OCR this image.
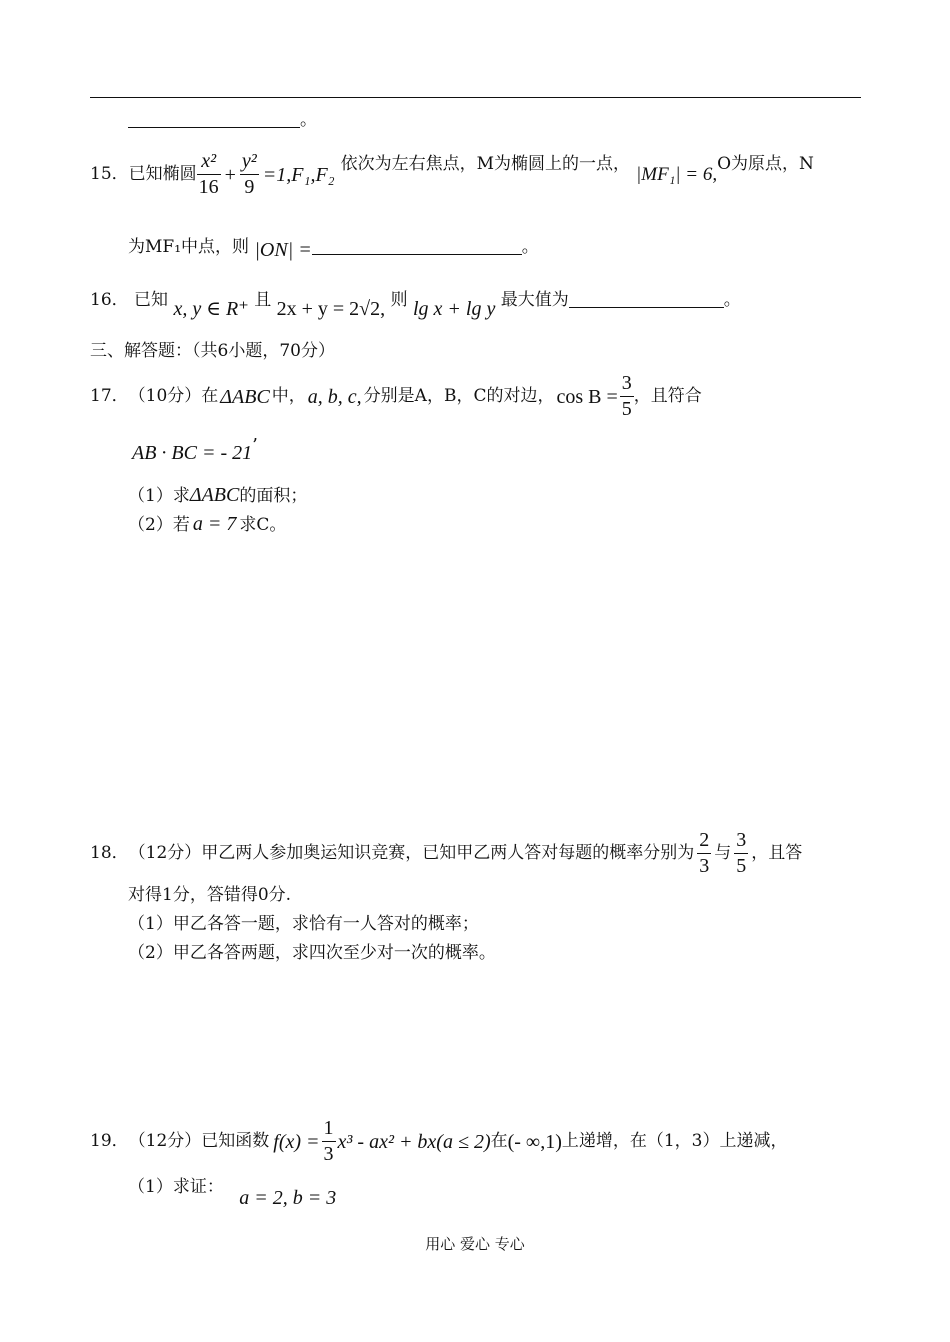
。
15． 已知椭圆 $\frac{\text{x²}}{16} + \frac{\text{y²}}{9} =1,F_1,F_2$ 依次为左右焦点，M为椭圆上的一点， |MF₁| = 6, O为原点，N
为MF₁中点，则 |ON| =	。
16． 已知 x, y ∈ R⁺ 且 2x + y = 2√2, 则 lg x + lg y 最大值为	。
三、解答题：（共6小题，70分）
17． （10分）在 ΔABC 中， a, b, c, 分别是A，B，C的对边， $\cos B = \frac{3}{5}$ ，且符合
AB · BC = - 21’
（1）求ΔABC的面积；
（2）若 a = 7 求C。
18． （12分）甲乙两人参加奥运知识竞赛，已知甲乙两人答对每题的概率分别为 $\frac{2}{3}$ 与 $\frac{3}{5}$ ，且答
对得1分，答错得0分.
（1）甲乙各答一题，求恰有一人答对的概率；
（2）甲乙各答两题，求四次至少对一次的概率。
19． （12分）已知函数 $f(x) = \frac{1}{3} x^3 - ax^2 + bx(a \le 2)$ 在 (- ∞,1) 上递增，在（1，3）上递减，
（1）求证： a = 2, b = 3
用心 爱心 专心
